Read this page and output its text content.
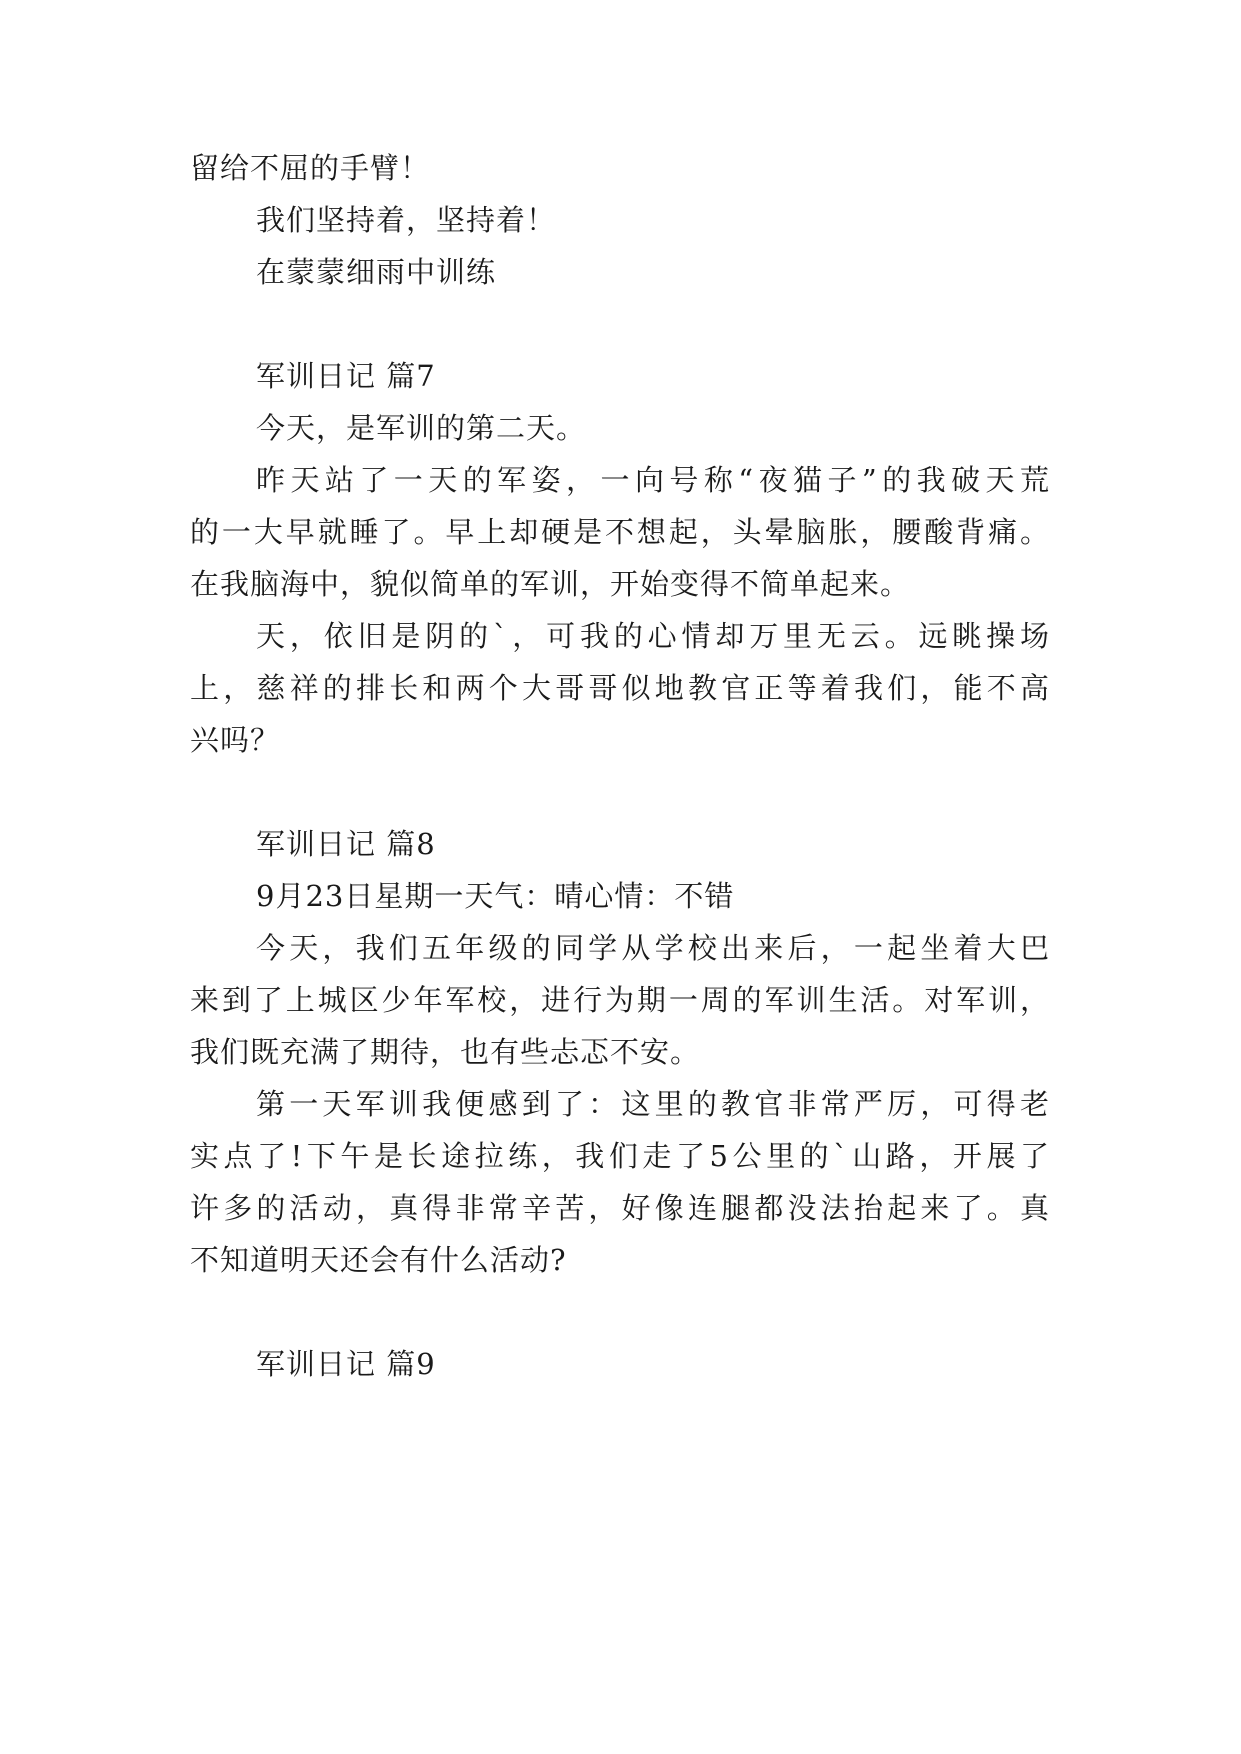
留给不屈的手臂！
我们坚持着，坚持着！
在蒙蒙细雨中训练
军训日记 篇7
今天，是军训的第二天。
昨天站了一天的军姿，一向号称“夜猫子”的我破天荒
的一大早就睡了。早上却硬是不想起，头晕脑胀，腰酸背痛。
在我脑海中，貌似简单的军训，开始变得不简单起来。
天，依旧是阴的`，可我的心情却万里无云。远眺操场
上，慈祥的排长和两个大哥哥似地教官正等着我们，能不高
兴吗？
军训日记 篇8
9月23日星期一天气：晴心情：不错
今天，我们五年级的同学从学校出来后，一起坐着大巴
来到了上城区少年军校，进行为期一周的军训生活。对军训，
我们既充满了期待，也有些忐忑不安。
第一天军训我便感到了：这里的教官非常严厉，可得老
实点了!下午是长途拉练，我们走了5公里的`山路，开展了
许多的活动，真得非常辛苦，好像连腿都没法抬起来了。真
不知道明天还会有什么活动?
军训日记 篇9
